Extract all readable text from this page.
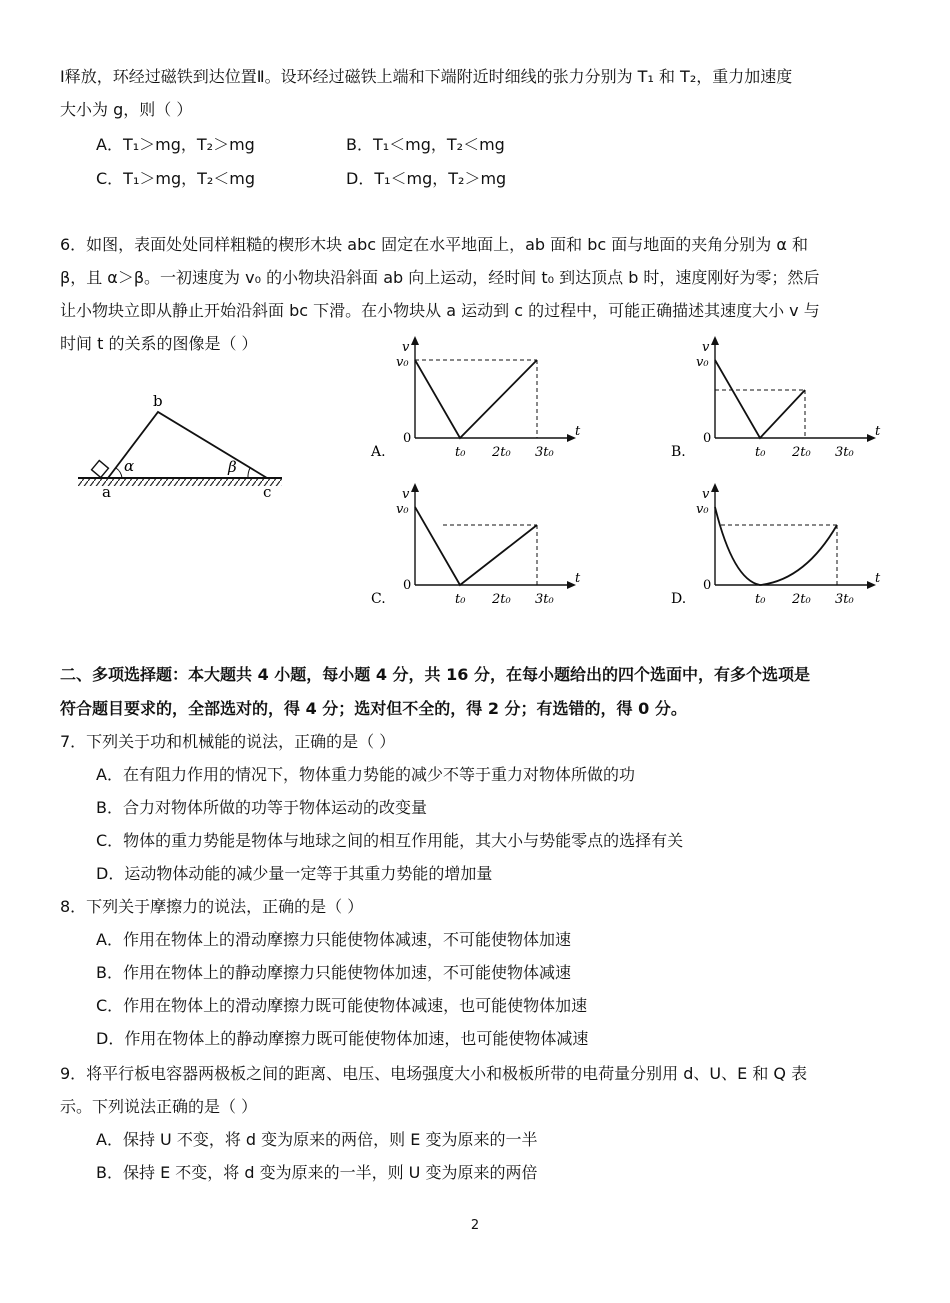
Ⅰ释放，环经过磁铁到达位置Ⅱ。设环经过磁铁上端和下端附近时细线的张力分别为 T₁ 和 T₂，重力加速度
大小为 g，则（ ）
A．T₁＞mg，T₂＞mg	B．T₁＜mg，T₂＜mg
C．T₁＞mg，T₂＜mg	D．T₁＜mg，T₂＞mg
6．如图，表面处处同样粗糙的楔形木块 abc 固定在水平地面上，ab 面和 bc 面与地面的夹角分别为 α 和
β，且 α＞β。一初速度为 v₀ 的小物块沿斜面 ab 向上运动，经时间 t₀ 到达顶点 b 时，速度刚好为零；然后
让小物块立即从静止开始沿斜面 bc 下滑。在小物块从 a 运动到 c 的过程中，可能正确描述其速度大小 v 与
时间 t 的关系的图像是（ ）
α	β
b
a	c
v
v₀
0	t
t₀ 2t₀ 3t₀
A.
v
v₀
0	t
t₀ 2t₀ 3t₀
B.
v
v₀
0	t
t₀ 2t₀ 3t₀
C.
v
v₀
0	t
t₀ 2t₀ 3t₀
D.
二、多项选择题：本大题共 4 小题，每小题 4 分，共 16 分，在每小题给出的四个选面中，有多个选项是
符合题目要求的，全部选对的，得 4 分；选对但不全的，得 2 分；有选错的，得 0 分。
7．下列关于功和机械能的说法，正确的是（ ）
A．在有阻力作用的情况下，物体重力势能的减少不等于重力对物体所做的功
B．合力对物体所做的功等于物体运动的改变量
C．物体的重力势能是物体与地球之间的相互作用能，其大小与势能零点的选择有关
D．运动物体动能的减少量一定等于其重力势能的增加量
8．下列关于摩擦力的说法，正确的是（ ）
A．作用在物体上的滑动摩擦力只能使物体减速，不可能使物体加速
B．作用在物体上的静动摩擦力只能使物体加速，不可能使物体减速
C．作用在物体上的滑动摩擦力既可能使物体减速，也可能使物体加速
D．作用在物体上的静动摩擦力既可能使物体加速，也可能使物体减速
9．将平行板电容器两极板之间的距离、电压、电场强度大小和极板所带的电荷量分别用 d、U、E 和 Q 表
示。下列说法正确的是（ ）
A．保持 U 不变，将 d 变为原来的两倍，则 E 变为原来的一半
B．保持 E 不变，将 d 变为原来的一半，则 U 变为原来的两倍
2
